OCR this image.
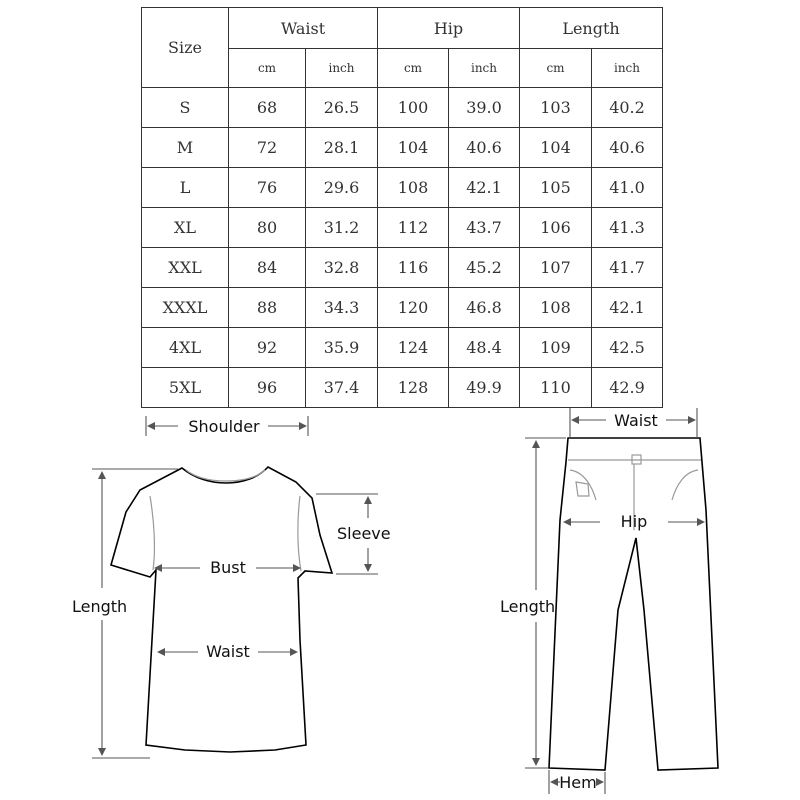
Size	Waist		Hip		Length	
	cm	inch	cm	inch	cm	inch
S	68	26.5	100	39.0	103	40.2
M	72	28.1	104	40.6	104	40.6
L	76	29.6	108	42.1	105	41.0
XL	80	31.2	112	43.7	106	41.3
XXL	84	32.8	116	45.2	107	41.7
XXXL	88	34.3	120	46.8	108	42.1
4XL	92	35.9	124	48.4	109	42.5
5XL	96	37.4	128	49.9	110	42.9
Shoulder
Sleeve
Bust
Waist
Length
Waist
Hip
Length
Hem
